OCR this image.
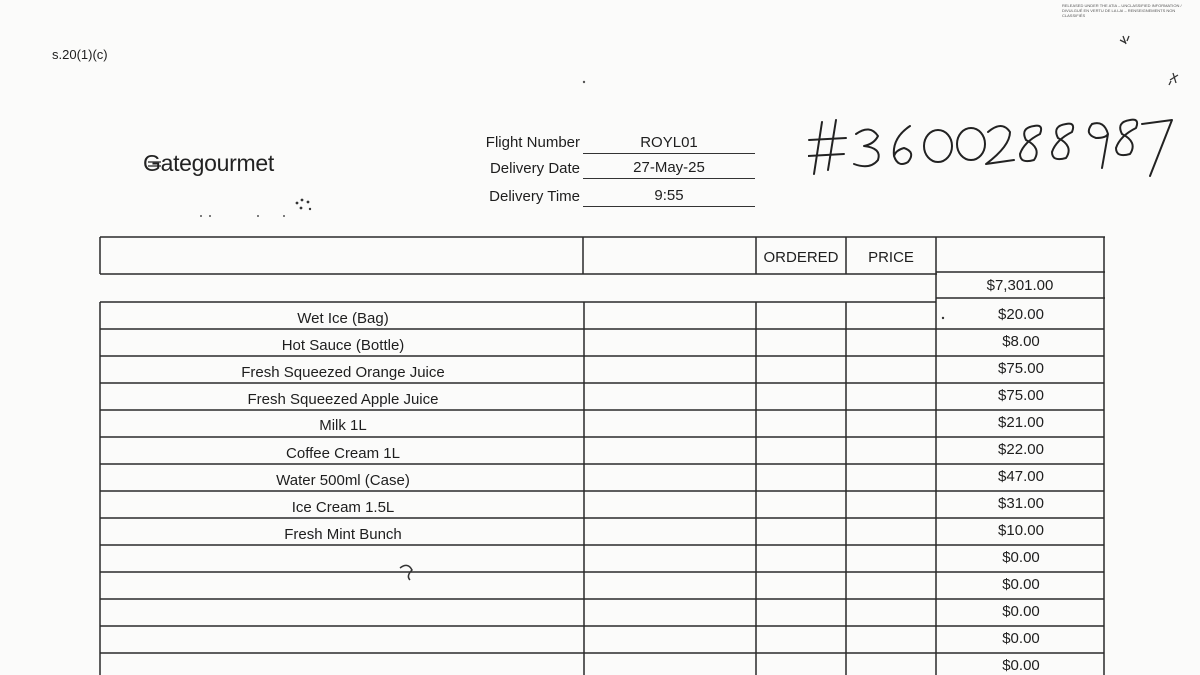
s.20(1)(c)
RELEASED UNDER THE ATIA – UNCLASSIFIED INFORMATION / DIVULGUÉ EN VERTU DE LA LAI – RENSEIGNEMENTS NON CLASSIFIÉS
Gategourmet
Flight Number	ROYL01
Delivery Date	27-May-25
Delivery Time	9:55
ORDERED	PRICE
$7,301.00
Wet Ice (Bag)	$20.00
Hot Sauce (Bottle)	$8.00
Fresh Squeezed Orange Juice	$75.00
Fresh Squeezed Apple Juice	$75.00
Milk 1L	$21.00
Coffee Cream 1L	$22.00
Water 500ml (Case)	$47.00
Ice Cream 1.5L	$31.00
Fresh Mint Bunch	$10.00
$0.00
$0.00
$0.00
$0.00
$0.00
